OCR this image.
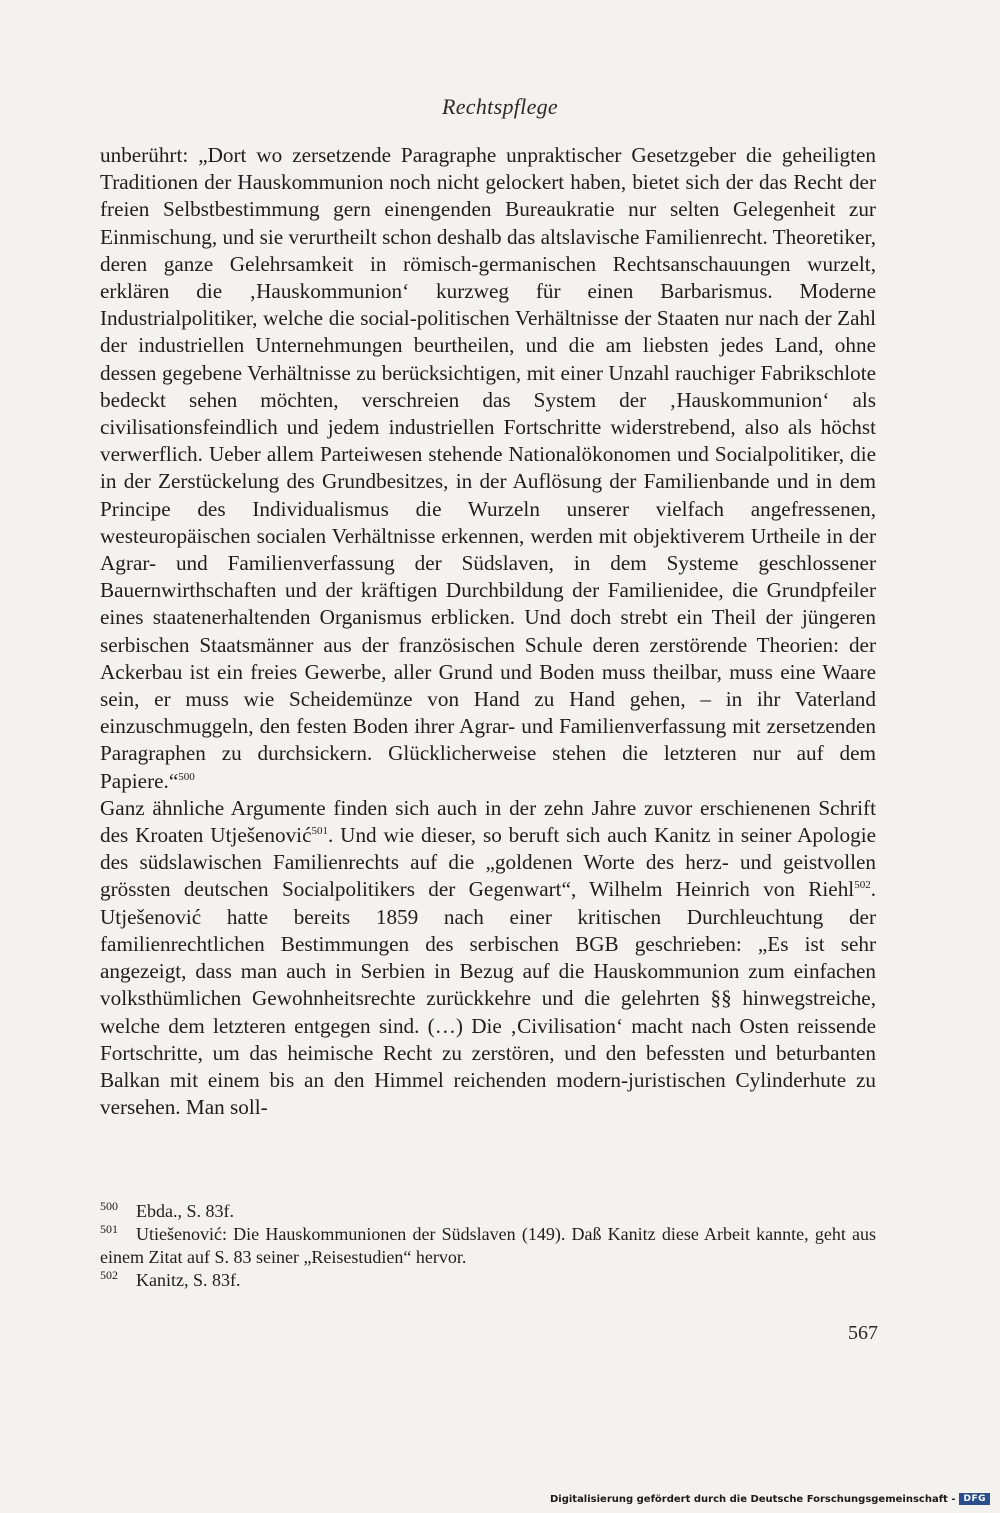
Rechtspflege

unberührt: „Dort wo zersetzende Paragraphe unpraktischer Gesetzgeber die geheiligten Traditionen der Hauskommunion noch nicht gelockert haben, bietet sich der das Recht der freien Selbstbestimmung gern einengenden Bureaukratie nur selten Gelegenheit zur Einmischung, und sie verurtheilt schon deshalb das altslavische Familienrecht. Theoretiker, deren ganze Gelehrsamkeit in römisch-germanischen Rechtsanschauungen wurzelt, erklären die ‚Hauskommunion‘ kurzweg für einen Barbarismus. Moderne Industrialpolitiker, welche die social-politischen Verhältnisse der Staaten nur nach der Zahl der industriellen Unternehmungen beurtheilen, und die am liebsten jedes Land, ohne dessen gegebene Verhältnisse zu berücksichtigen, mit einer Unzahl rauchiger Fabrikschlote bedeckt sehen möchten, verschreien das System der ‚Hauskommunion‘ als civilisationsfeindlich und jedem industriellen Fortschritte widerstrebend, also als höchst verwerflich. Ueber allem Parteiwesen stehende Nationalökonomen und Socialpolitiker, die in der Zerstückelung des Grundbesitzes, in der Auflösung der Familienbande und in dem Principe des Individualismus die Wurzeln unserer vielfach angefressenen, westeuropäischen socialen Verhältnisse erkennen, werden mit objektiverem Urtheile in der Agrar- und Familienverfassung der Südslaven, in dem Systeme geschlossener Bauernwirthschaften und der kräftigen Durchbildung der Familienidee, die Grundpfeiler eines staatenerhaltenden Organismus erblicken. Und doch strebt ein Theil der jüngeren serbischen Staatsmänner aus der französischen Schule deren zerstörende Theorien: der Ackerbau ist ein freies Gewerbe, aller Grund und Boden muss theilbar, muss eine Waare sein, er muss wie Scheidemünze von Hand zu Hand gehen, – in ihr Vaterland einzuschmuggeln, den festen Boden ihrer Agrar- und Familienverfassung mit zersetzenden Paragraphen zu durchsickern. Glücklicherweise stehen die letzteren nur auf dem Papiere.“$^{500}$

Ganz ähnliche Argumente finden sich auch in der zehn Jahre zuvor erschienenen Schrift des Kroaten Utješenović$^{501}$. Und wie dieser, so beruft sich auch Kanitz in seiner Apologie des südslawischen Familienrechts auf die „goldenen Worte des herz- und geistvollen grössten deutschen Socialpolitikers der Gegenwart“, Wilhelm Heinrich von Riehl$^{502}$. Utješenović hatte bereits 1859 nach einer kritischen Durchleuchtung der familienrechtlichen Bestimmungen des serbischen BGB geschrieben: „Es ist sehr angezeigt, dass man auch in Serbien in Bezug auf die Hauskommunion zum einfachen volksthümlichen Gewohnheitsrechte zurückkehre und die gelehrten §§ hinwegstreiche, welche dem letzteren entgegen sind. (…) Die ‚Civilisation‘ macht nach Osten reissende Fortschritte, um das heimische Recht zu zerstören, und den befessten und beturbanten Balkan mit einem bis an den Himmel reichenden modern-juristischen Cylinderhute zu versehen. Man soll-

500 Ebda., S. 83f.

501 Utiešenović: Die Hauskommunionen der Südslaven (149). Daß Kanitz diese Arbeit kannte, geht aus einem Zitat auf S. 83 seiner „Reisestudien“ hervor.

502 Kanitz, S. 83f.

567
Digitalisierung gefördert durch die Deutsche Forschungsgemeinschaft - DFG
